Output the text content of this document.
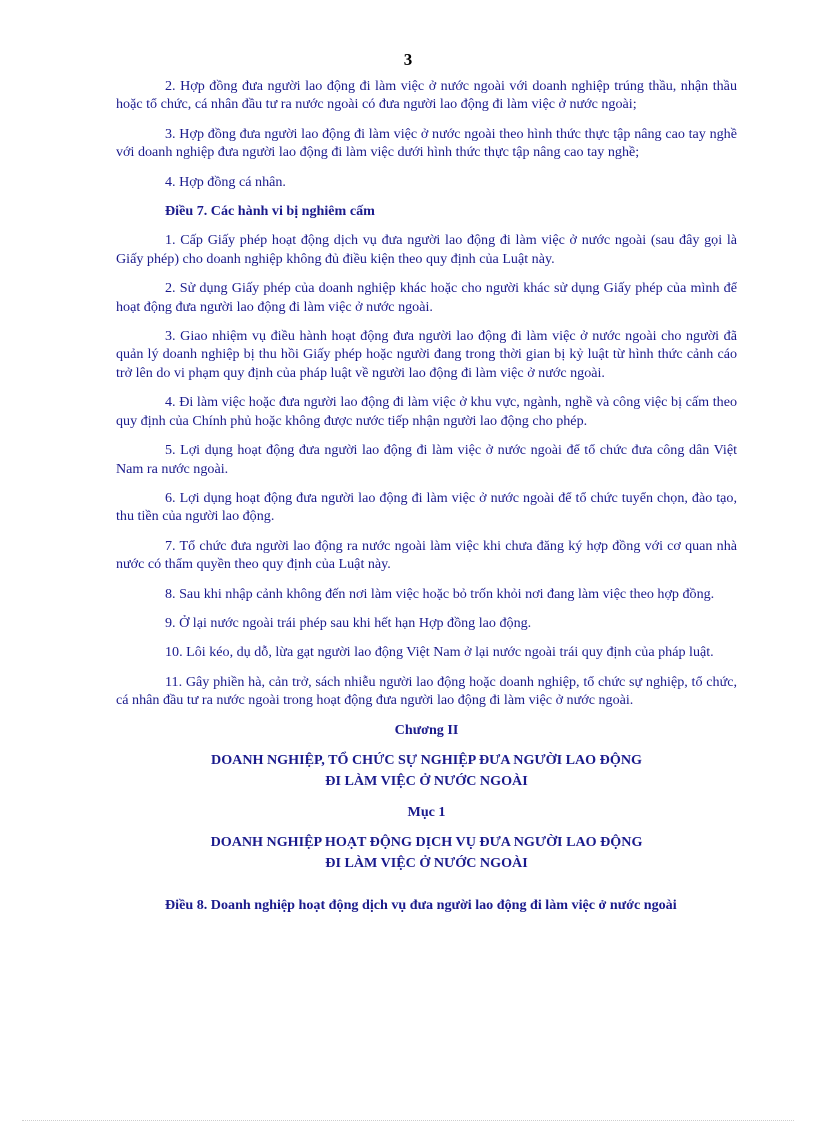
3

2. Hợp đồng đưa người lao động đi làm việc ở nước ngoài với doanh nghiệp trúng thầu, nhận thầu hoặc tổ chức, cá nhân đầu tư ra nước ngoài có đưa người lao động đi làm việc ở nước ngoài;

3. Hợp đồng đưa người lao động đi làm việc ở nước ngoài theo hình thức thực tập nâng cao tay nghề với doanh nghiệp đưa người lao động đi làm việc dưới hình thức thực tập nâng cao tay nghề;

4. Hợp đồng cá nhân.

Điều 7. Các hành vi bị nghiêm cấm

1. Cấp Giấy phép hoạt động dịch vụ đưa người lao động đi làm việc ở nước ngoài (sau đây gọi là Giấy phép) cho doanh nghiệp không đủ điều kiện theo quy định của Luật này.

2. Sử dụng Giấy phép của doanh nghiệp khác hoặc cho người khác sử dụng Giấy phép của mình để hoạt động đưa người lao động đi làm việc ở nước ngoài.

3. Giao nhiệm vụ điều hành hoạt động đưa người lao động đi làm việc ở nước ngoài cho người đã quản lý doanh nghiệp bị thu hồi Giấy phép hoặc người đang trong thời gian bị kỷ luật từ hình thức cảnh cáo trở lên do vi phạm quy định của pháp luật về người lao động đi làm việc ở nước ngoài.

4. Đi làm việc hoặc đưa người lao động đi làm việc ở khu vực, ngành, nghề và công việc bị cấm theo quy định của Chính phủ hoặc không được nước tiếp nhận người lao động cho phép.

5. Lợi dụng hoạt động đưa người lao động đi làm việc ở nước ngoài để tổ chức đưa công dân Việt Nam ra nước ngoài.

6. Lợi dụng hoạt động đưa người lao động đi làm việc ở nước ngoài để tổ chức tuyển chọn, đào tạo, thu tiền của người lao động.

7. Tổ chức đưa người lao động ra nước ngoài làm việc khi chưa đăng ký hợp đồng với cơ quan nhà nước có thẩm quyền theo quy định của Luật này.

8. Sau khi nhập cảnh không đến nơi làm việc hoặc bỏ trốn khỏi nơi đang làm việc theo hợp đồng.

9. Ở lại nước ngoài trái phép sau khi hết hạn Hợp đồng lao động.

10. Lôi kéo, dụ dỗ, lừa gạt người lao động Việt Nam ở lại nước ngoài trái quy định của pháp luật.

11. Gây phiền hà, cản trở, sách nhiễu người lao động hoặc doanh nghiệp, tổ chức sự nghiệp, tổ chức, cá nhân đầu tư ra nước ngoài trong hoạt động đưa người lao động đi làm việc ở nước ngoài.

Chương II
DOANH NGHIỆP, TỔ CHỨC SỰ NGHIỆP ĐƯA NGƯỜI LAO ĐỘNG
ĐI LÀM VIỆC Ở NƯỚC NGOÀI
Mục 1
DOANH NGHIỆP HOẠT ĐỘNG DỊCH VỤ ĐƯA NGƯỜI LAO ĐỘNG
ĐI LÀM VIỆC Ở NƯỚC NGOÀI

Điều 8. Doanh nghiệp hoạt động dịch vụ đưa người lao động đi làm việc ở nước ngoài
